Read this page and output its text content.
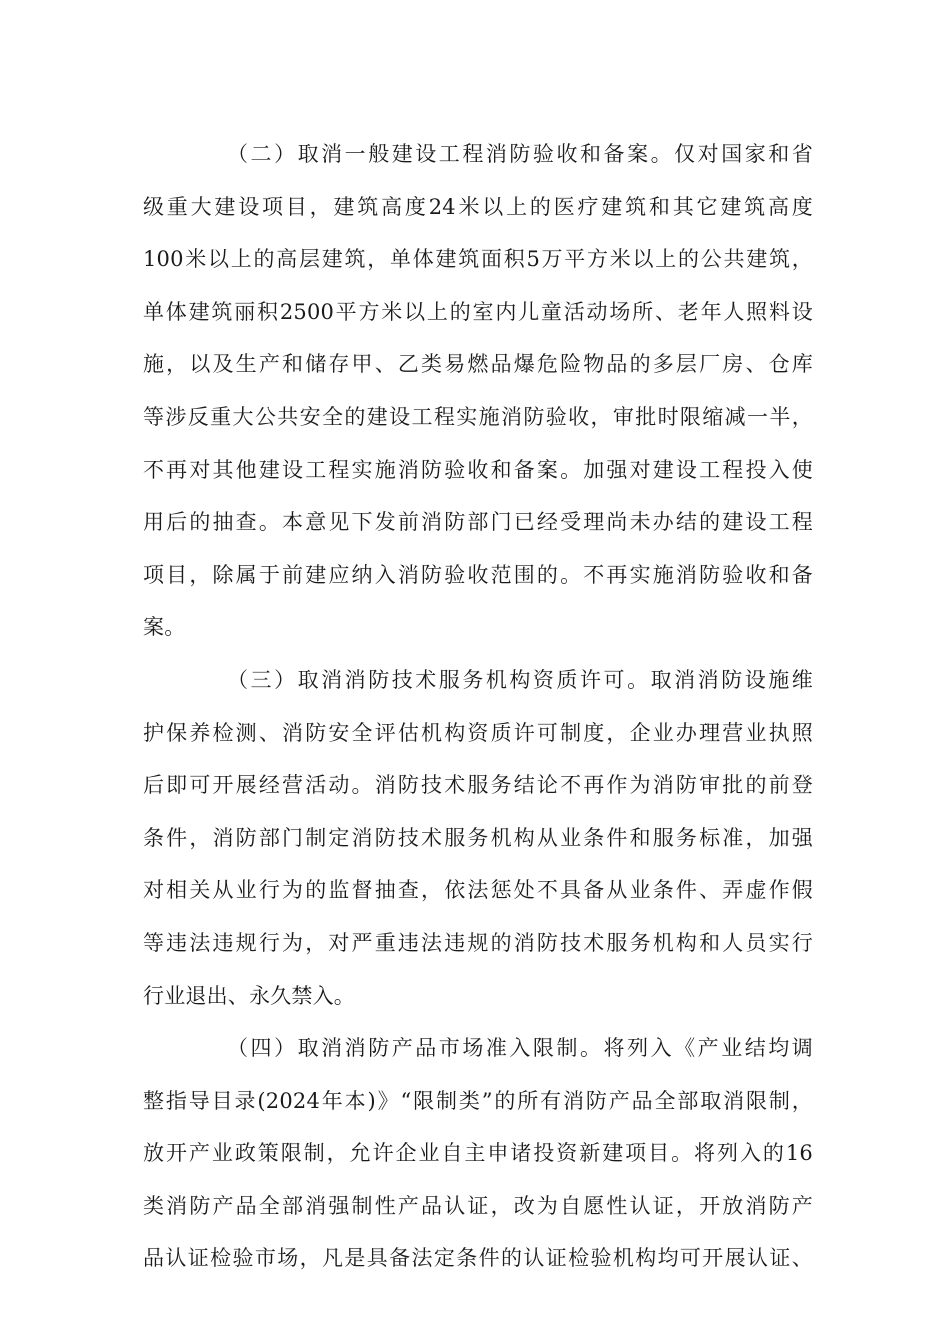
（二）取消一般建设工程消防验收和备案。仅对国家和省
级重大建设项目，建筑高度24米以上的医疗建筑和其它建筑高度
100米以上的高层建筑，单体建筑面积5万平方米以上的公共建筑，
单体建筑丽积2500平方米以上的室内儿童活动场所、老年人照料设
施，以及生产和储存甲、乙类易燃品爆危险物品的多层厂房、仓库
等涉反重大公共安全的建设工程实施消防验收，审批时限缩减一半，
不再对其他建设工程实施消防验收和备案。加强对建设工程投入使
用后的抽查。本意见下发前消防部门已经受理尚未办结的建设工程
项目，除属于前建应纳入消防验收范围的。不再实施消防验收和备
案。
（三）取消消防技术服务机构资质许可。取消消防设施维
护保养检测、消防安全评估机构资质许可制度，企业办理营业执照
后即可开展经营活动。消防技术服务结论不再作为消防审批的前登
条件，消防部门制定消防技术服务机构从业条件和服务标准，加强
对相关从业行为的监督抽查，依法惩处不具备从业条件、弄虚作假
等违法违规行为，对严重违法违规的消防技术服务机构和人员实行
行业退出、永久禁入。
（四）取消消防产品市场准入限制。将列入《产业结均调
整指导目录(2024年本)》“限制类”的所有消防产品全部取消限制，
放开产业政策限制，允许企业自主申诸投资新建项目。将列入的16
类消防产品全部消强制性产品认证，改为自愿性认证，开放消防产
品认证检验市场，凡是具备法定条件的认证检验机构均可开展认证、
